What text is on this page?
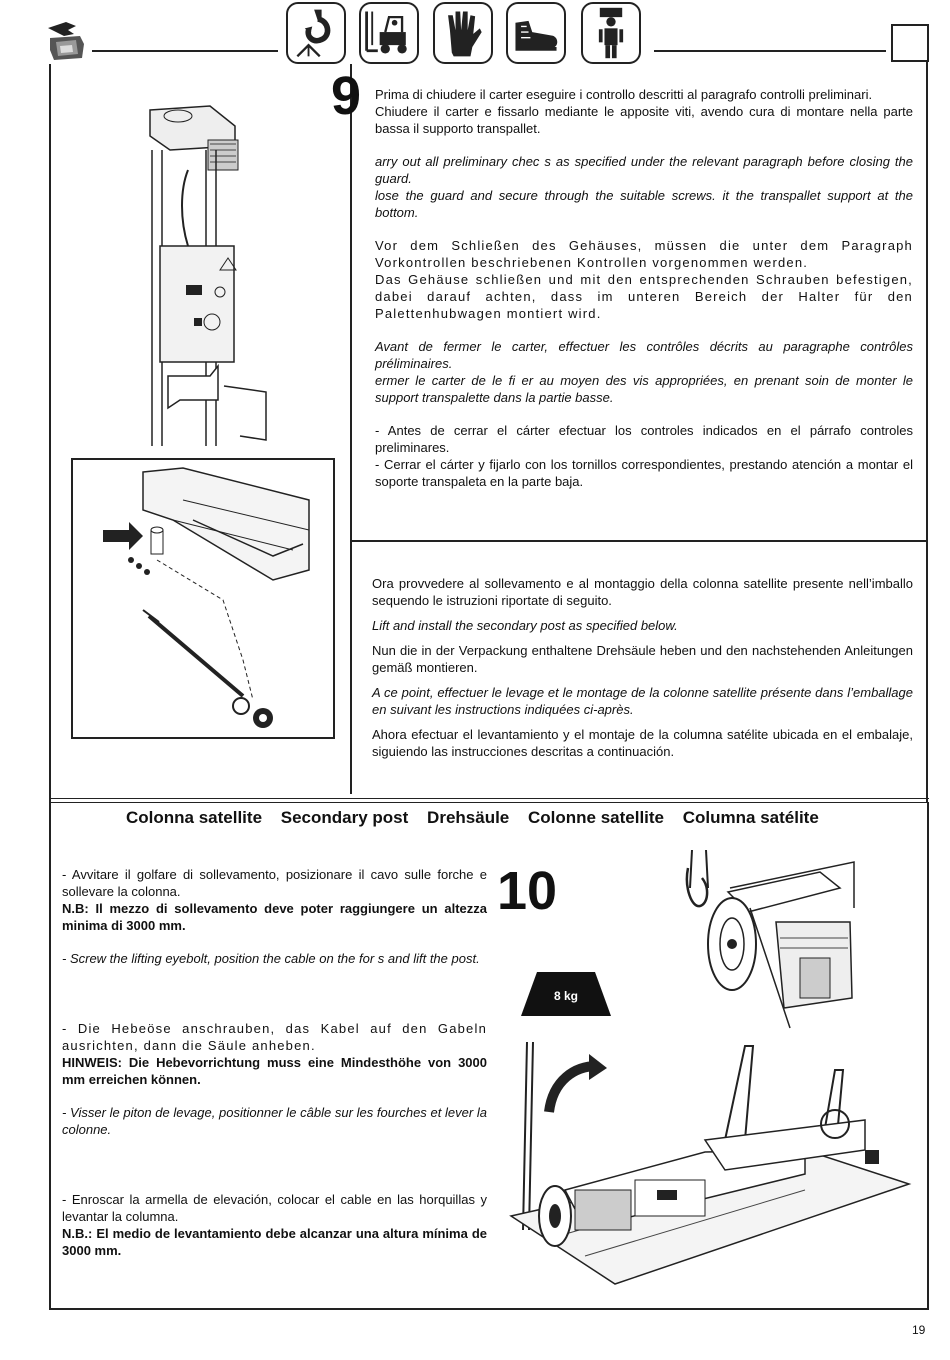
9 Prima di chiudere il carter eseguire i controllo descritti al paragrafo controlli preliminari.

Chiudere il carter e fissarlo mediante le apposite viti, avendo cura di montare nella parte bassa il supporto transpallet.

arry out all preliminary chec s as specified under the relevant paragraph before closing the guard.

lose the guard and secure through the suitable screws. it the transpallet support at the bottom.

Vor dem Schließen des Gehäuses, müssen die unter dem Paragraph Vorkontrollen beschriebenen Kontrollen vorgenommen werden.

Das Gehäuse schließen und mit den entsprechenden Schrauben befestigen, dabei darauf achten, dass im unteren Bereich der Halter für den Palettenhubwagen montiert wird.

Avant de fermer le carter, effectuer les contrôles décrits au paragraphe contrôles préliminaires.

ermer le carter de le fi er au moyen des vis appropriées, en prenant soin de monter le support transpalette dans la partie basse.

- Antes de cerrar el cárter efectuar los controles indicados en el párrafo controles preliminares.

- Cerrar el cárter y fijarlo con los tornillos correspondientes, prestando atención a montar el soporte transpaleta en la parte baja.

Ora provvedere al sollevamento e al montaggio della colonna satellite presente nell’imballo sequendo le istruzioni riportate di seguito.

Lift and install the secondary post as specified below.

Nun die in der Verpackung enthaltene Drehsäule heben und den nachstehenden Anleitungen gemäß montieren.

A ce point, effectuer le levage et le montage de la colonne satellite présente dans l’emballage en suivant les instructions indiquées ci-après.

Ahora efectuar el levantamiento y el montaje de la columna satélite ubicada en el embalaje, siguiendo las instrucciones descritas a continuación.

Colonna satellite Secondary post Drehsäule Colonne satellite Columna satélite

- Avvitare il golfare di sollevamento, posizionare il cavo sulle forche e sollevare la colonna.

N.B: Il mezzo di sollevamento deve poter raggiungere un altezza minima di 3000 mm.

- Screw the lifting eyebolt, position the cable on the for s and lift the post.

- Die Hebeöse anschrauben, das Kabel auf den Gabeln ausrichten, dann die Säule anheben.

HINWEIS: Die Hebevorrichtung muss eine Mindesthöhe von 3000 mm erreichen können.

- Visser le piton de levage, positionner le câble sur les fourches et lever la colonne.

- Enroscar la armella de elevación, colocar el cable en las horquillas y levantar la columna.

N.B.: El medio de levantamiento debe alcanzar una altura mínima de 3000 mm.

10
8 kg
19
